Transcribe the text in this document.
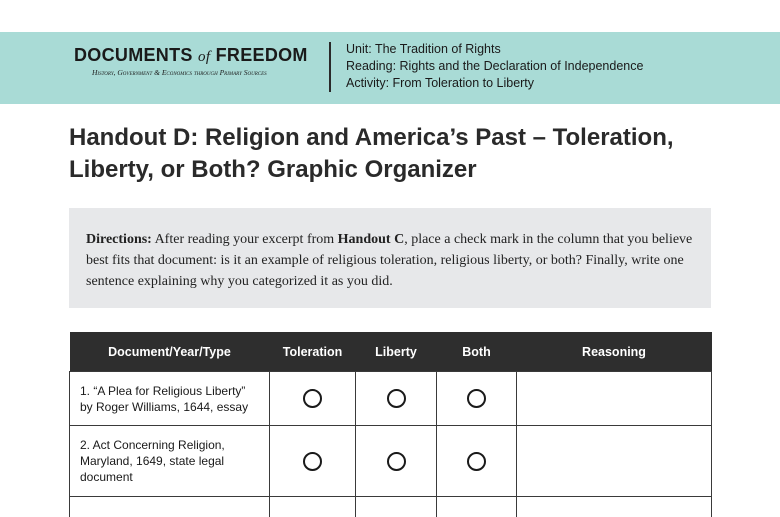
DOCUMENTS of FREEDOM
History, Government & Economics through Primary Sources
Unit: The Tradition of Rights
Reading: Rights and the Declaration of Independence
Activity: From Toleration to Liberty
Handout D: Religion and America’s Past – Toleration,
Liberty, or Both? Graphic Organizer
Directions: After reading your excerpt from Handout C, place a check mark in the column that you believe best fits that document: is it an example of religious toleration, religious liberty, or both? Finally, write one sentence explaining why you categorized it as you did.
Document/Year/Type	Toleration	Liberty	Both	Reasoning
1. “A Plea for Religious Liberty” by Roger Williams, 1644, essay				
2. Act Concerning Religion, Maryland, 1649, state legal document				
